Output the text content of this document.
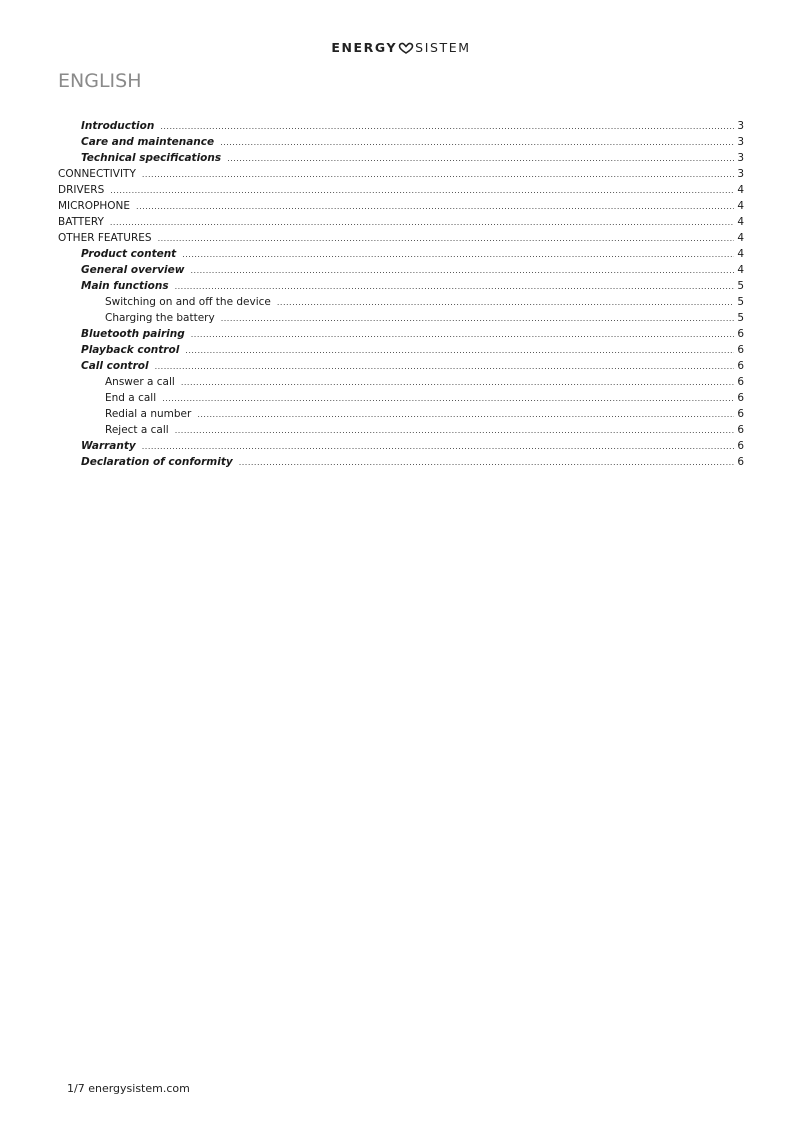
ENERGY SISTEM
ENGLISH
Introduction .....	3
Care and maintenance .....	3
Technical specifications .....	3
CONNECTIVITY .....	3
DRIVERS .....	4
MICROPHONE .....	4
BATTERY .....	4
OTHER FEATURES .....	4
Product content .....	4
General overview .....	4
Main functions .....	5
Switching on and off the device .....	5
Charging the battery .....	5
Bluetooth pairing .....	6
Playback control .....	6
Call control .....	6
Answer a call .....	6
End a call .....	6
Redial a number .....	6
Reject a call .....	6
Warranty .....	6
Declaration of conformity .....	6
1/7 energysistem.com
